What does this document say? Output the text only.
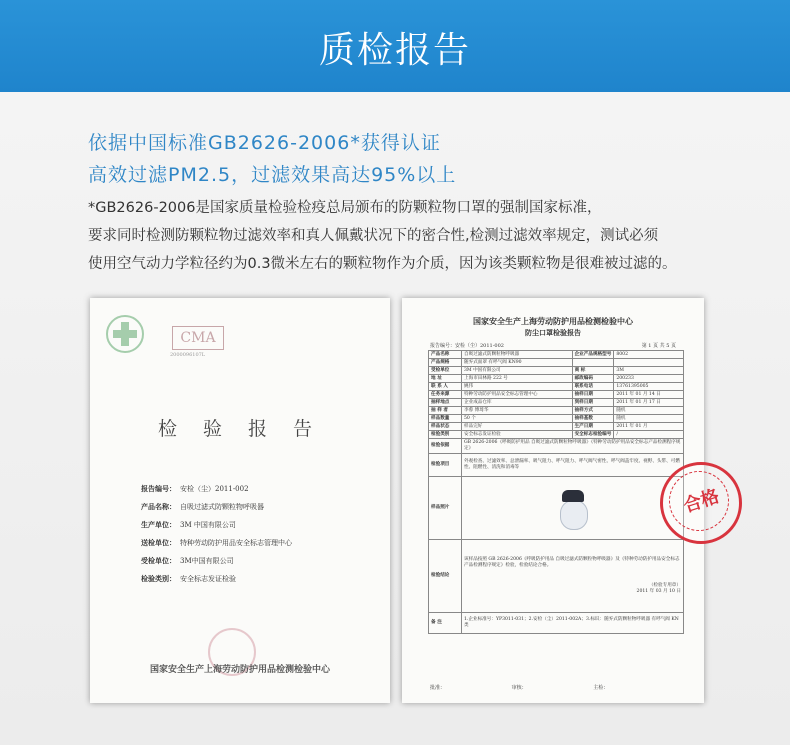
质检报告
依据中国标准GB2626-2006*获得认证
高效过滤PM2.5，过滤效果高达95%以上
*GB2626-2006是国家质量检验检疫总局颁布的防颗粒物口罩的强制国家标准，
要求同时检测防颗粒物过滤效率和真人佩戴状况下的密合性,检测过滤效率规定，测试必须
使用空气动力学粒径约为0.3微米左右的颗粒物作为介质，因为该类颗粒物是很难被过滤的。
CMA
2000096107L
检 验 报 告
报告编号： 安检（尘）2011-002
产品名称： 自吸过滤式防颗粒物呼吸器
生产单位： 3M 中国有限公司
送检单位： 特种劳动防护用品安全标志管理中心
受检单位： 3M中国有限公司
检验类别： 安全标志发证检验
国家安全生产上海劳动防护用品检测检验中心
国家安全生产上海劳动防护用品检测检验中心
防尘口罩检验报告
报告编号：安检（尘）2011-002	第 1 页 共 5 页
产品名称	自吸过滤式防颗粒物呼吸器	企业产品规格型号	8002
产品规格	随弃式面罩 有呼气阀 KN90		
受检单位	3M 中国有限公司	商 标	3M
地 址	上海市田林路 222 号	邮政编码	200233
联 系 人	姚伟	联系电话	13761395005
任务来源	特种劳动防护用品安全标志管理中心	抽样日期	2011 年 01 月 14 日
抽样地点	企业成品仓库	到样日期	2011 年 01 月 17 日
抽 样 者	李蓉 傅琦华	抽样方式	随机
样品数量	50 个	抽样基数	随机
样品状态	样品完好	生产日期	2011 年 01 月
检验类别	安全标志发证检验	安全标志检验编号	/
检验依据	GB 2626-2006《呼吸防护用品 自吸过滤式防颗粒物呼吸器》《特种劳动防护用品安全标志产品检测程序规定》		
检验项目	外观检查、过滤效率、总泄漏率、吸气阻力、呼气阻力、呼气阀气密性、呼气阀盖牢度、视野、头带、可燃性、阻燃性、清洗和消毒等		
样品照片			

检验结论	该样品按照 GB 2626-2006《呼吸防护用品 自吸过滤式防颗粒物呼吸器》及《特种劳动防护用品安全标志产品检测程序规定》检验，检验结论合格。
（检验专用章）
2011 年 03 月 10 日		

备 注	1.企业标准号：YP3011-031；2.安检（尘）2011-002A；3.标识：随弃式防颗粒物呼吸器 有呼气阀 KN 类		
批准：	审核：	主检：
合格
